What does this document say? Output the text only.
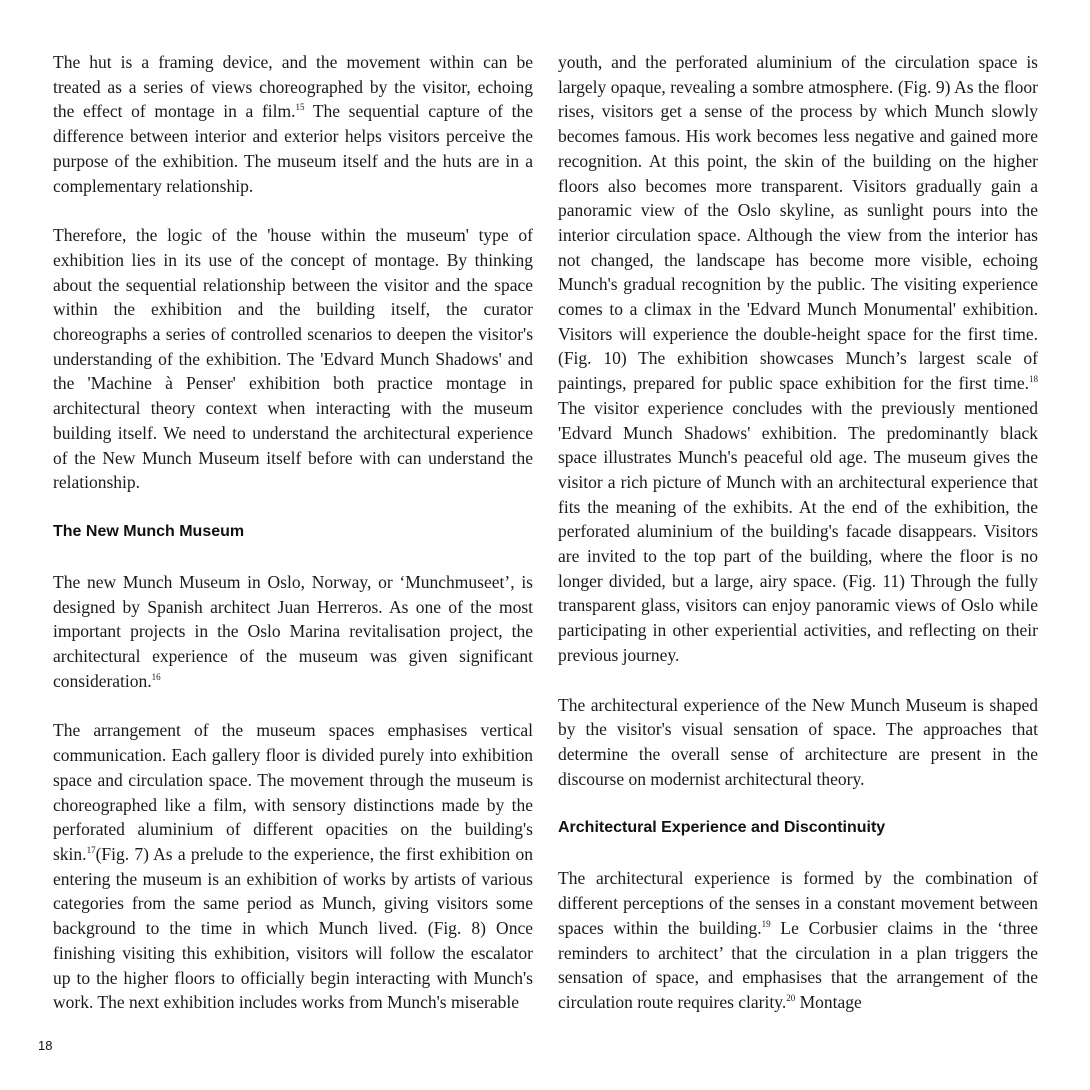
The hut is a framing device, and the movement within can be treated as a series of views choreographed by the visitor, echoing the effect of montage in a film.$^{15}$ The sequential capture of the difference between interior and exterior helps visitors perceive the purpose of the exhibition. The museum itself and the huts are in a complementary relationship.

Therefore, the logic of the 'house within the museum' type of exhibition lies in its use of the concept of montage. By thinking about the sequential relationship between the visitor and the space within the exhibition and the building itself, the curator choreographs a series of controlled scenarios to deepen the visitor's understanding of the exhibition. The 'Edvard Munch Shadows' and the 'Machine à Penser' exhibition both practice montage in architectural theory context when interacting with the museum building itself. We need to understand the architectural experience of the New Munch Museum itself before with can understand the relationship.

The New Munch Museum

The new Munch Museum in Oslo, Norway, or ‘Munchmuseet’, is designed by Spanish architect Juan Herreros. As one of the most important projects in the Oslo Marina revitalisation project, the architectural experience of the museum was given significant consideration.$^{16}$

The arrangement of the museum spaces emphasises vertical communication. Each gallery floor is divided purely into exhibition space and circulation space. The movement through the museum is choreographed like a film, with sensory distinctions made by the perforated aluminium of different opacities on the building's skin.$^{17}$(Fig. 7) As a prelude to the experience, the first exhibition on entering the museum is an exhibition of works by artists of various categories from the same period as Munch, giving visitors some background to the time in which Munch lived. (Fig. 8) Once finishing visiting this exhibition, visitors will follow the escalator up to the higher floors to officially begin interacting with Munch's work. The next exhibition includes works from Munch's miserable

youth, and the perforated aluminium of the circulation space is largely opaque, revealing a sombre atmosphere. (Fig. 9) As the floor rises, visitors get a sense of the process by which Munch slowly becomes famous. His work becomes less negative and gained more recognition. At this point, the skin of the building on the higher floors also becomes more transparent. Visitors gradually gain a panoramic view of the Oslo skyline, as sunlight pours into the interior circulation space. Although the view from the interior has not changed, the landscape has become more visible, echoing Munch's gradual recognition by the public. The visiting experience comes to a climax in the 'Edvard Munch Monumental' exhibition. Visitors will experience the double-height space for the first time. (Fig. 10) The exhibition showcases Munch’s largest scale of paintings, prepared for public space exhibition for the first time.$^{18}$ The visitor experience concludes with the previously mentioned 'Edvard Munch Shadows' exhibition. The predominantly black space illustrates Munch's peaceful old age. The museum gives the visitor a rich picture of Munch with an architectural experience that fits the meaning of the exhibits. At the end of the exhibition, the perforated aluminium of the building's facade disappears. Visitors are invited to the top part of the building, where the floor is no longer divided, but a large, airy space. (Fig. 11) Through the fully transparent glass, visitors can enjoy panoramic views of Oslo while participating in other experiential activities, and reflecting on their previous journey.

The architectural experience of the New Munch Museum is shaped by the visitor's visual sensation of space. The approaches that determine the overall sense of architecture are present in the discourse on modernist architectural theory.

Architectural Experience and Discontinuity

The architectural experience is formed by the combination of different perceptions of the senses in a constant movement between spaces within the building.$^{19}$ Le Corbusier claims in the ‘three reminders to architect’ that the circulation in a plan triggers the sensation of space, and emphasises that the arrangement of the circulation route requires clarity.$^{20}$ Montage

18
